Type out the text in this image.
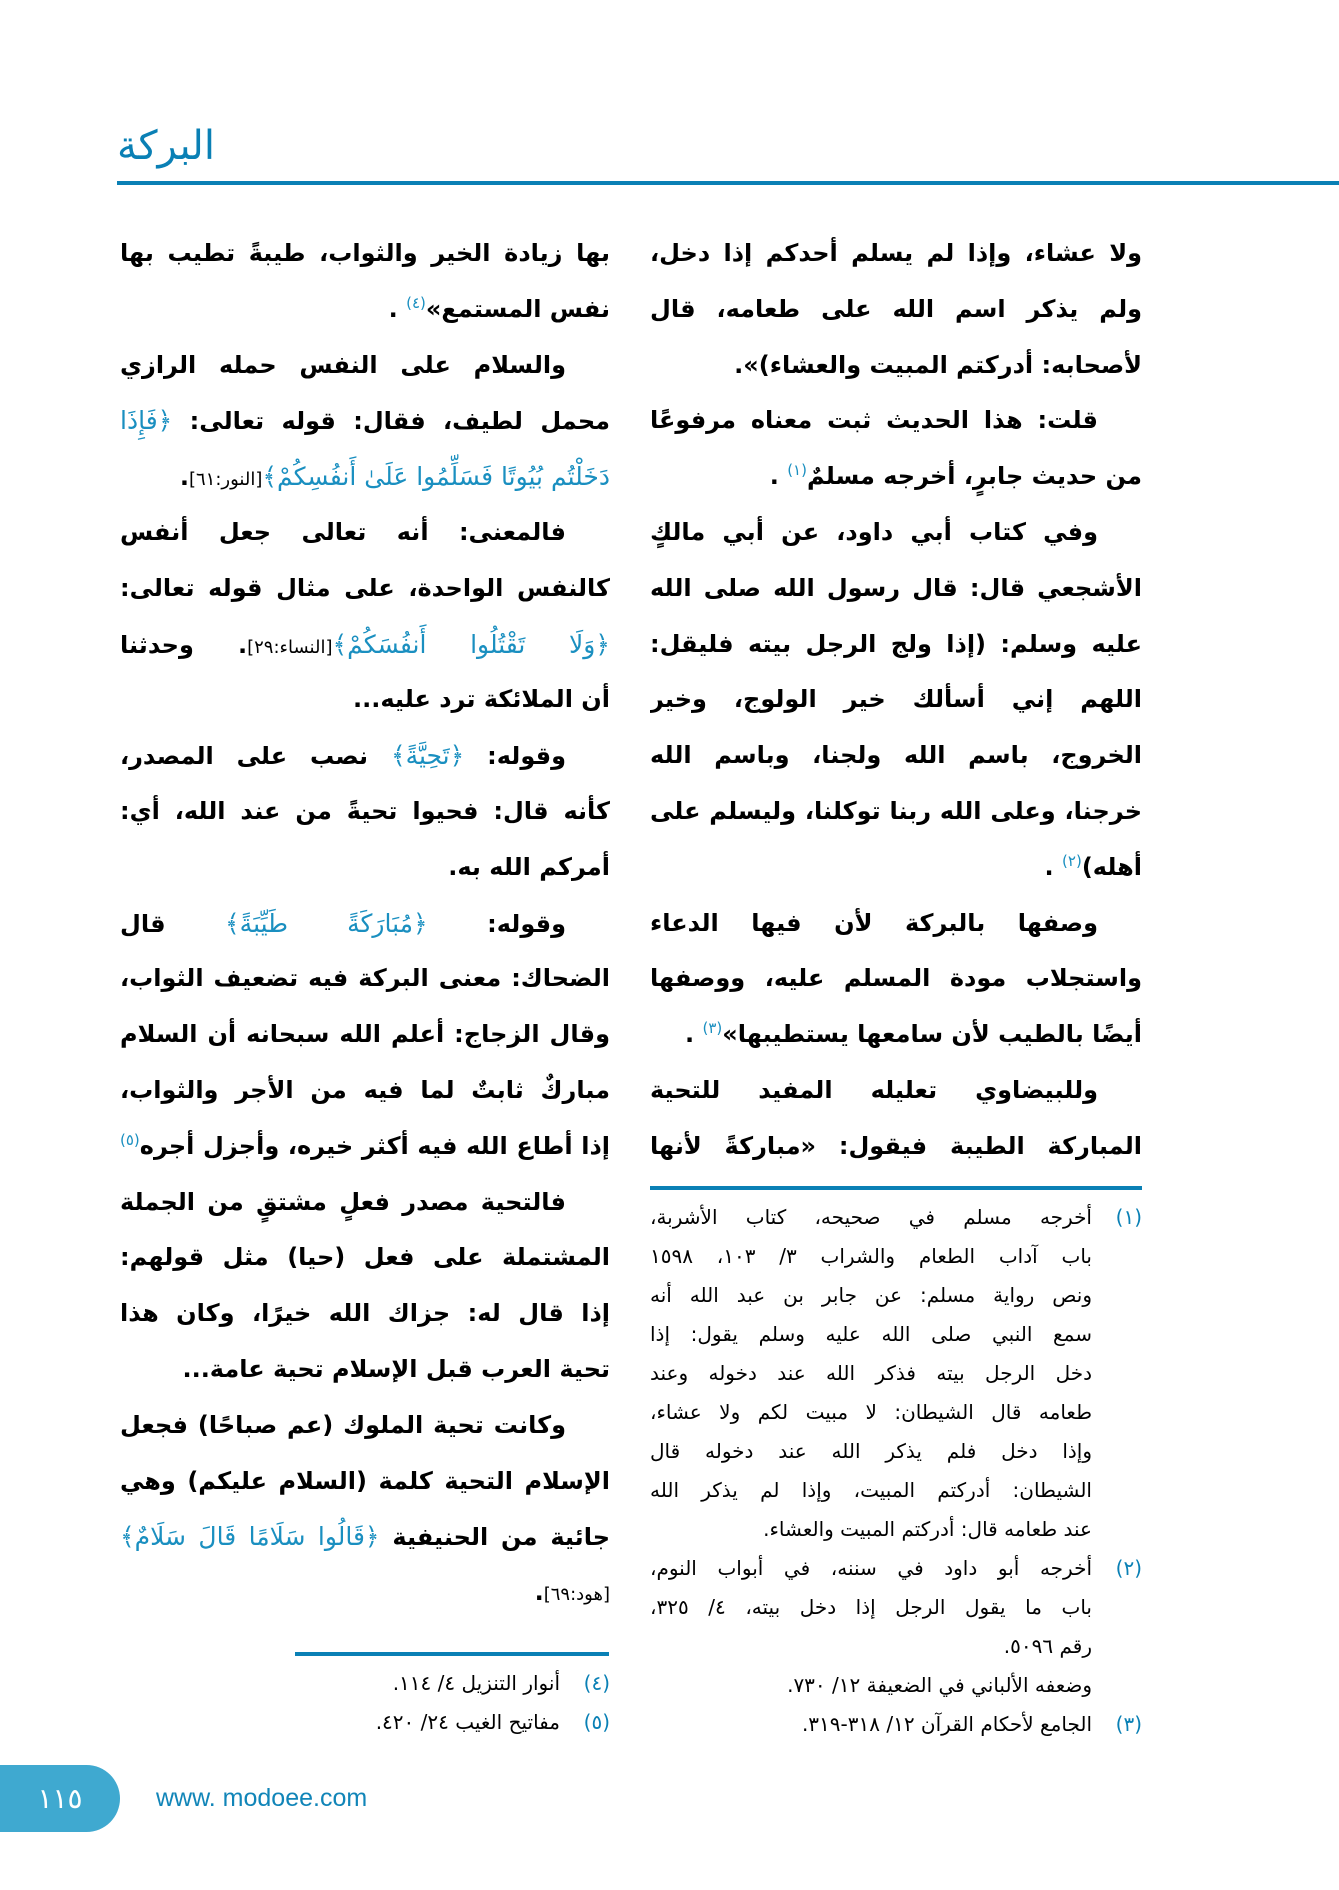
البركة
ولا عشاء، وإذا لم يسلم أحدكم إذا دخل،
ولم يذكر اسم الله على طعامه، قال
لأصحابه: أدركتم المبيت والعشاء)».
قلت: هذا الحديث ثبت معناه مرفوعًا
من حديث جابرٍ، أخرجه مسلمٌ$^{(١)}$ .
وفي كتاب أبي داود، عن أبي مالكٍ
الأشجعي قال: قال رسول الله صلى الله
عليه وسلم: (إذا ولج الرجل بيته فليقل:
اللهم إني أسألك خير الولوج، وخير
الخروج، باسم الله ولجنا، وباسم الله
خرجنا، وعلى الله ربنا توكلنا، وليسلم على
أهله)$^{(٢)}$ .
وصفها بالبركة لأن فيها الدعاء
واستجلاب مودة المسلم عليه، ووصفها
أيضًا بالطيب لأن سامعها يستطيبها»$^{(٣)}$ .
وللبيضاوي تعليله المفيد للتحية
المباركة الطيبة فيقول: «مباركةً لأنها
بها زيادة الخير والثواب، طيبةً تطيب بها
نفس المستمع»$^{(٤)}$ .
والسلام على النفس حمله الرازي
محمل لطيف، فقال: قوله تعالى: ﴿فَإِذَا
دَخَلْتُم بُيُوتًا فَسَلِّمُوا عَلَىٰ أَنفُسِكُمْ﴾[النور:٦١].
فالمعنى: أنه تعالى جعل أنفس
كالنفس الواحدة، على مثال قوله تعالى:
﴿وَلَا تَقْتُلُوا أَنفُسَكُمْ﴾[النساء:٢٩]. وحدثنا
أن الملائكة ترد عليه...
وقوله: ﴿تَحِيَّةً﴾ نصب على المصدر،
كأنه قال: فحيوا تحيةً من عند الله، أي:
أمركم الله به.
وقوله: ﴿مُبَارَكَةً طَيِّبَةً﴾ قال
الضحاك: معنى البركة فيه تضعيف الثواب،
وقال الزجاج: أعلم الله سبحانه أن السلام
مباركٌ ثابتٌ لما فيه من الأجر والثواب،
إذا أطاع الله فيه أكثر خيره، وأجزل أجره$^{(٥)}$
فالتحية مصدر فعلٍ مشتقٍ من الجملة
المشتملة على فعل (حيا) مثل قولهم:
إذا قال له: جزاك الله خيرًا، وكان هذا
تحية العرب قبل الإسلام تحية عامة...
وكانت تحية الملوك (عم صباحًا) فجعل
الإسلام التحية كلمة (السلام عليكم) وهي
جائية من الحنيفية ﴿قَالُوا سَلَامًا قَالَ سَلَامٌ﴾
[هود:٦٩].
(١)
أخرجه مسلم في صحيحه، كتاب الأشربة،
باب آداب الطعام والشراب ٣/ ١٠٣، ١٥٩٨
ونص رواية مسلم: عن جابر بن عبد الله أنه
سمع النبي صلى الله عليه وسلم يقول: إذا
دخل الرجل بيته فذكر الله عند دخوله وعند
طعامه قال الشيطان: لا مبيت لكم ولا عشاء،
وإذا دخل فلم يذكر الله عند دخوله قال
الشيطان: أدركتم المبيت، وإذا لم يذكر الله
عند طعامه قال: أدركتم المبيت والعشاء.
(٢)
أخرجه أبو داود في سننه، في أبواب النوم،
باب ما يقول الرجل إذا دخل بيته، ٤/ ٣٢٥،
رقم ٥٠٩٦.
وضعفه الألباني في الضعيفة ١٢/ ٧٣٠.
(٣)
الجامع لأحكام القرآن ١٢/ ٣١٨-٣١٩.
(٤)
أنوار التنزيل ٤/ ١١٤.
(٥)
مفاتيح الغيب ٢٤/ ٤٢٠.
١١٥	www. modoee.com
